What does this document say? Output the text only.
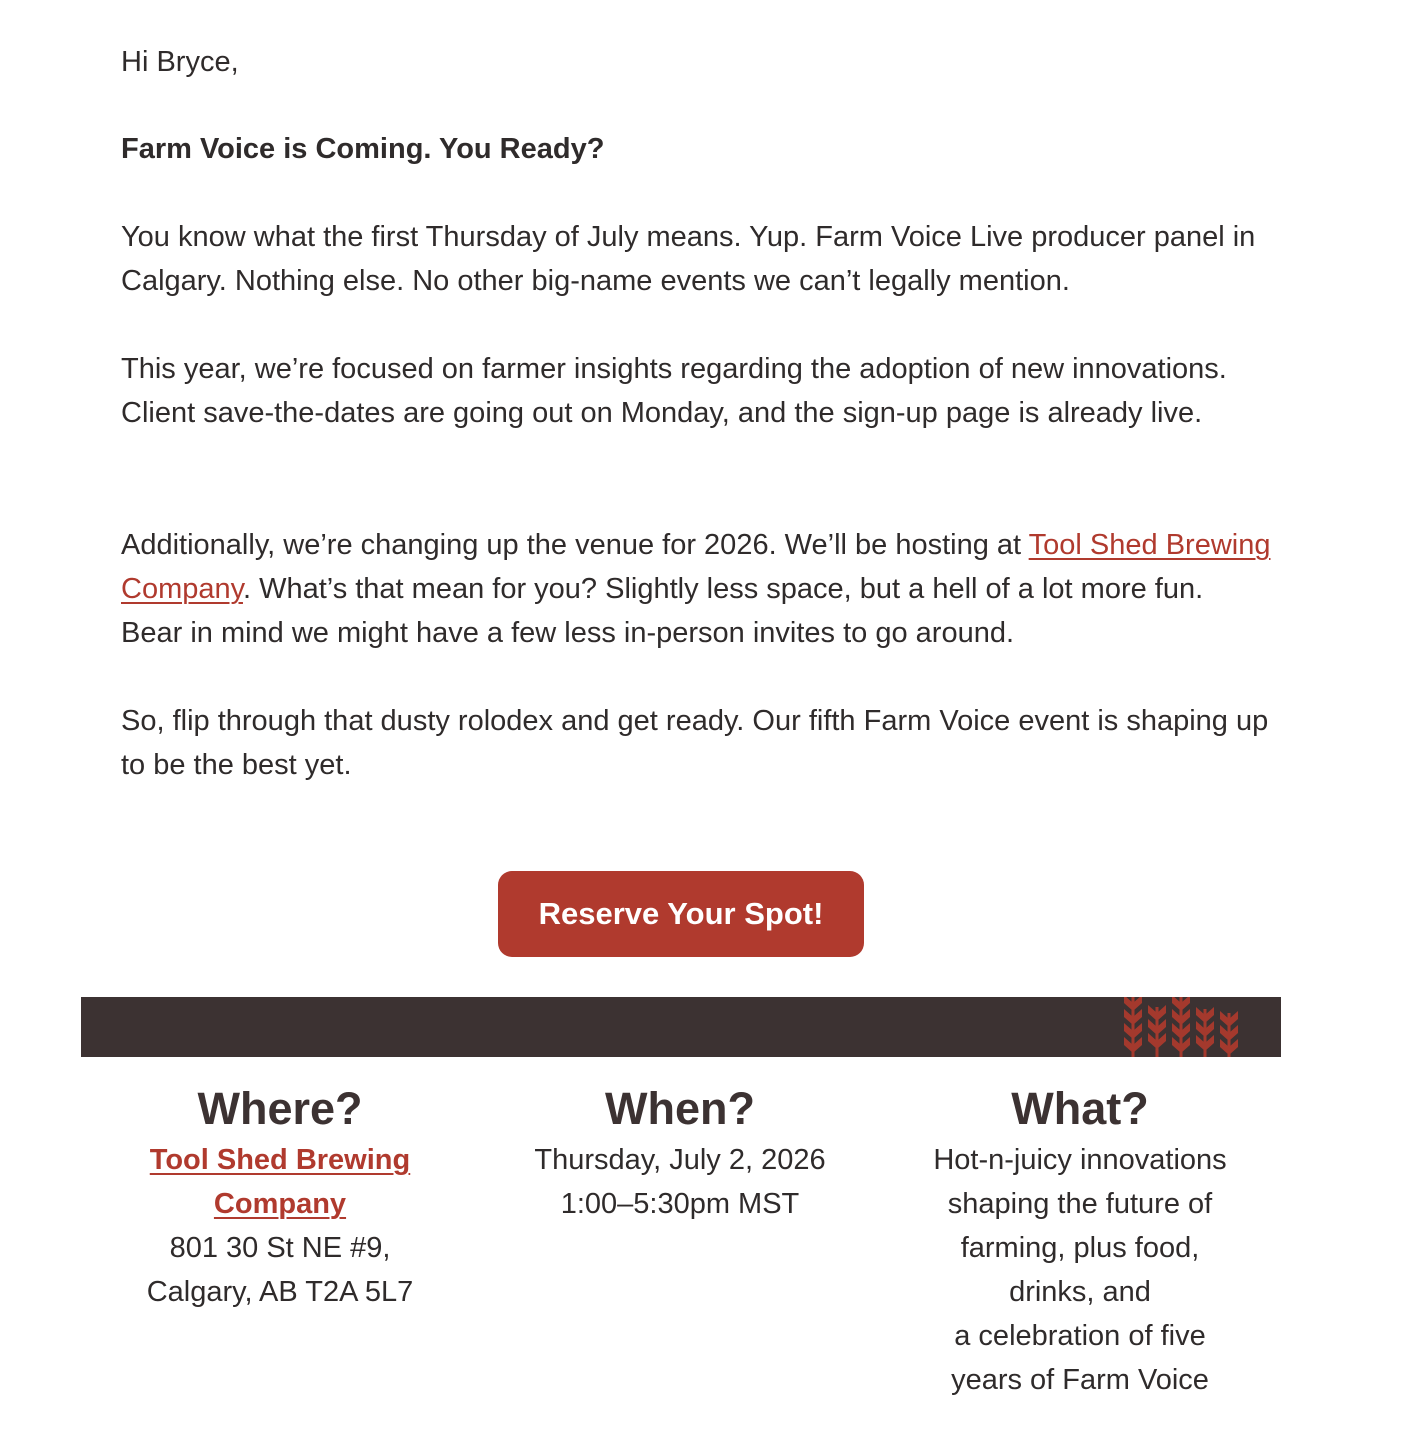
Hi Bryce,

Farm Voice is Coming. You Ready?

You know what the first Thursday of July means. Yup. Farm Voice Live producer panel in Calgary. Nothing else. No other big-name events we can’t legally mention.

This year, we’re focused on farmer insights regarding the adoption of new innovations. Client save-the-dates are going out on Monday, and the sign-up page is already live.

Additionally, we’re changing up the venue for 2026. We’ll be hosting at Tool Shed Brewing Company. What’s that mean for you? Slightly less space, but a hell of a lot more fun. Bear in mind we might have a few less in-person invites to go around.

So, flip through that dusty rolodex and get ready. Our fifth Farm Voice event is shaping up to be the best yet.

Reserve Your Spot!
Where?
Tool Shed Brewing
Company

801 30 St NE #9,
Calgary, AB T2A 5L7

When?

Thursday, July 2, 2026
1:00–5:30pm MST

What?

Hot-n-juicy innovations
shaping the future of
farming, plus food,
drinks, and
a celebration of five
years of Farm Voice
